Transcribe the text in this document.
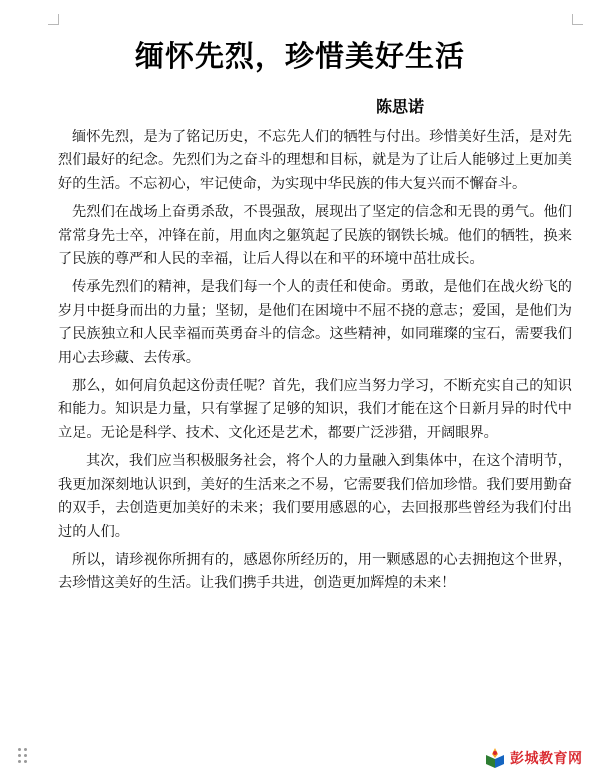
缅怀先烈，珍惜美好生活
陈思诺

缅怀先烈，是为了铭记历史，不忘先人们的牺牲与付出。珍惜美好生活，是对先烈们最好的纪念。先烈们为之奋斗的理想和目标，就是为了让后人能够过上更加美好的生活。不忘初心，牢记使命，为实现中华民族的伟大复兴而不懈奋斗。

先烈们在战场上奋勇杀敌，不畏强敌，展现出了坚定的信念和无畏的勇气。他们常常身先士卒，冲锋在前，用血肉之躯筑起了民族的钢铁长城。他们的牺牲，换来了民族的尊严和人民的幸福，让后人得以在和平的环境中茁壮成长。

传承先烈们的精神，是我们每一个人的责任和使命。勇敢，是他们在战火纷飞的岁月中挺身而出的力量；坚韧，是他们在困境中不屈不挠的意志；爱国，是他们为了民族独立和人民幸福而英勇奋斗的信念。这些精神，如同璀璨的宝石，需要我们用心去珍藏、去传承。

那么，如何肩负起这份责任呢？首先，我们应当努力学习，不断充实自己的知识和能力。知识是力量，只有掌握了足够的知识，我们才能在这个日新月异的时代中立足。无论是科学、技术、文化还是艺术，都要广泛涉猎，开阔眼界。

其次，我们应当积极服务社会，将个人的力量融入到集体中，在这个清明节，我更加深刻地认识到，美好的生活来之不易，它需要我们倍加珍惜。我们要用勤奋的双手，去创造更加美好的未来；我们要用感恩的心，去回报那些曾经为我们付出过的人们。

所以，请珍视你所拥有的，感恩你所经历的，用一颗感恩的心去拥抱这个世界，去珍惜这美好的生活。让我们携手共进，创造更加辉煌的未来！

彭城教育网
